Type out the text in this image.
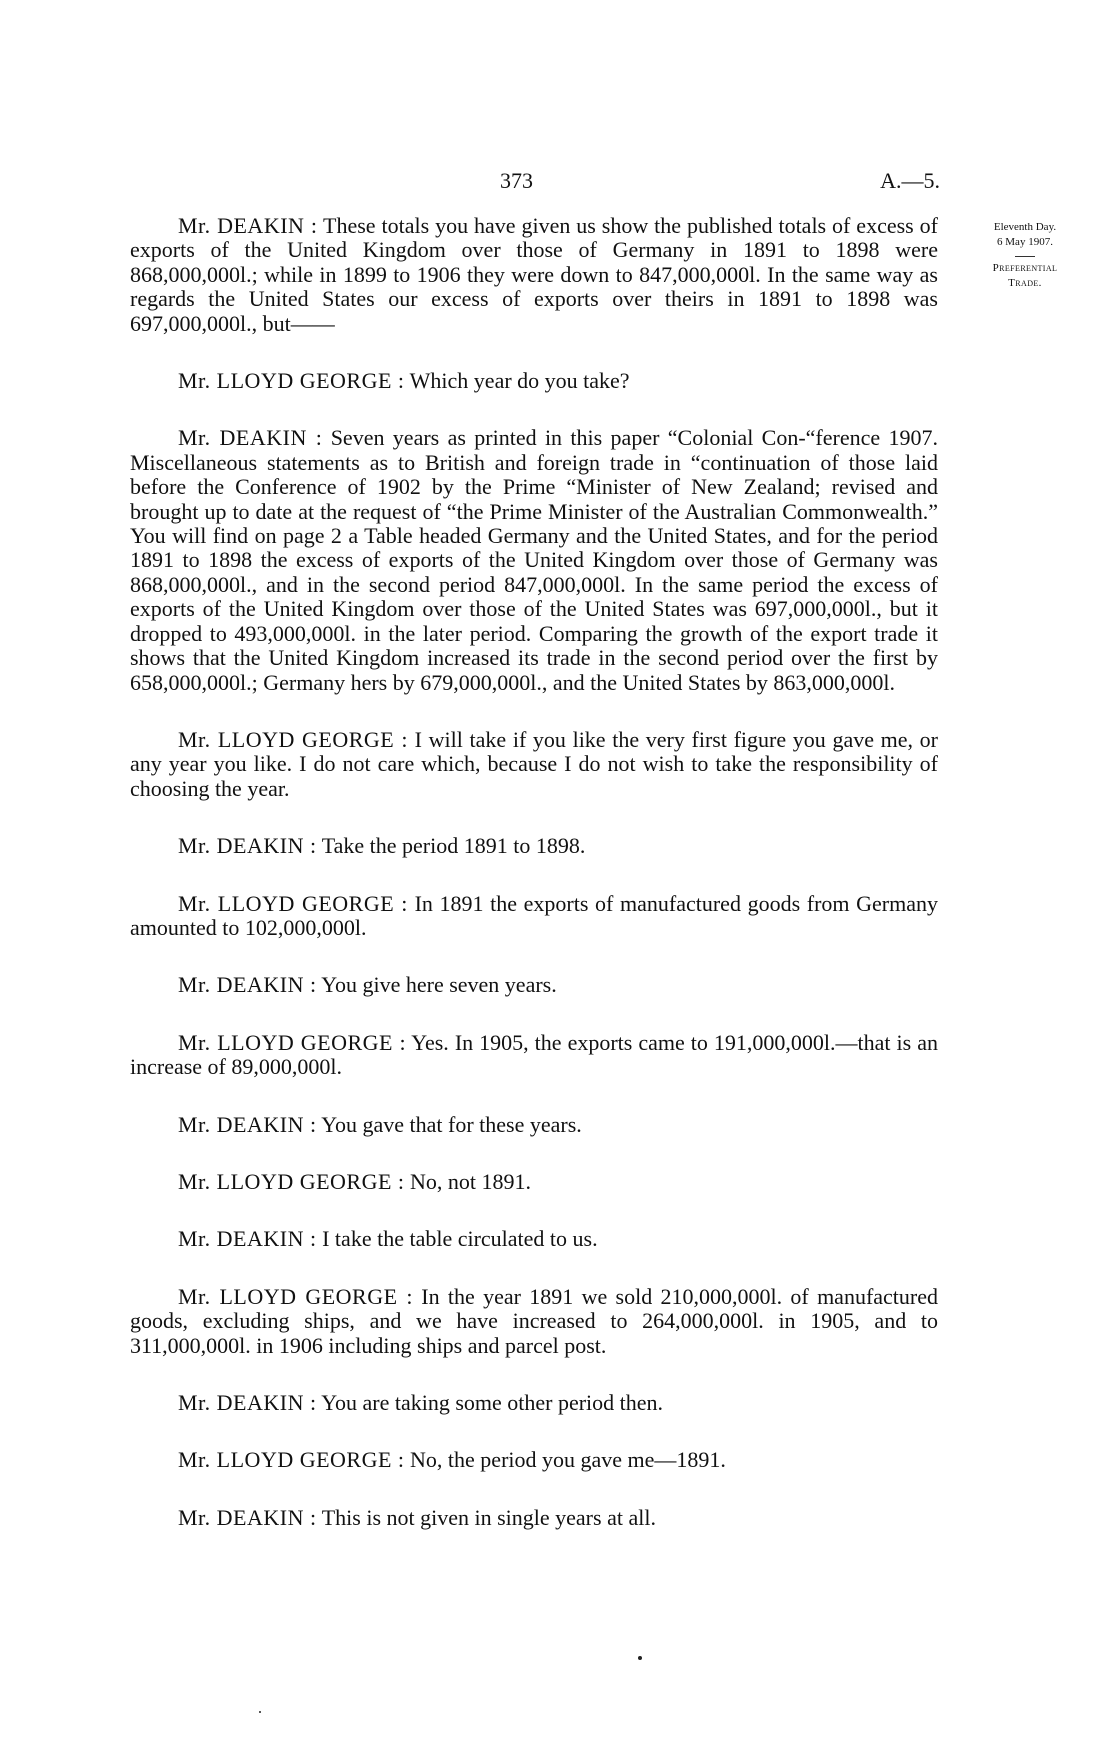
373	A.—5.
Eleventh Day.
6 May 1907.
Preferential
Trade.

Mr. DEAKIN : These totals you have given us show the published totals of excess of exports of the United Kingdom over those of Germany in 1891 to 1898 were 868,000,000l.; while in 1899 to 1906 they were down to 847,000,000l. In the same way as regards the United States our excess of exports over theirs in 1891 to 1898 was 697,000,000l., but——

Mr. LLOYD GEORGE : Which year do you take?

Mr. DEAKIN : Seven years as printed in this paper “Colonial Con-“ference 1907. Miscellaneous statements as to British and foreign trade in “continuation of those laid before the Conference of 1902 by the Prime “Minister of New Zealand; revised and brought up to date at the request of “the Prime Minister of the Australian Commonwealth.” You will find on page 2 a Table headed Germany and the United States, and for the period 1891 to 1898 the excess of exports of the United Kingdom over those of Germany was 868,000,000l., and in the second period 847,000,000l. In the same period the excess of exports of the United Kingdom over those of the United States was 697,000,000l., but it dropped to 493,000,000l. in the later period. Comparing the growth of the export trade it shows that the United Kingdom increased its trade in the second period over the first by 658,000,000l.; Germany hers by 679,000,000l., and the United States by 863,000,000l.

Mr. LLOYD GEORGE : I will take if you like the very first figure you gave me, or any year you like. I do not care which, because I do not wish to take the responsibility of choosing the year.

Mr. DEAKIN : Take the period 1891 to 1898.

Mr. LLOYD GEORGE : In 1891 the exports of manufactured goods from Germany amounted to 102,000,000l.

Mr. DEAKIN : You give here seven years.

Mr. LLOYD GEORGE : Yes. In 1905, the exports came to 191,000,000l.—that is an increase of 89,000,000l.

Mr. DEAKIN : You gave that for these years.

Mr. LLOYD GEORGE : No, not 1891.

Mr. DEAKIN : I take the table circulated to us.

Mr. LLOYD GEORGE : In the year 1891 we sold 210,000,000l. of manufactured goods, excluding ships, and we have increased to 264,000,000l. in 1905, and to 311,000,000l. in 1906 including ships and parcel post.

Mr. DEAKIN : You are taking some other period then.

Mr. LLOYD GEORGE : No, the period you gave me—1891.

Mr. DEAKIN : This is not given in single years at all.
